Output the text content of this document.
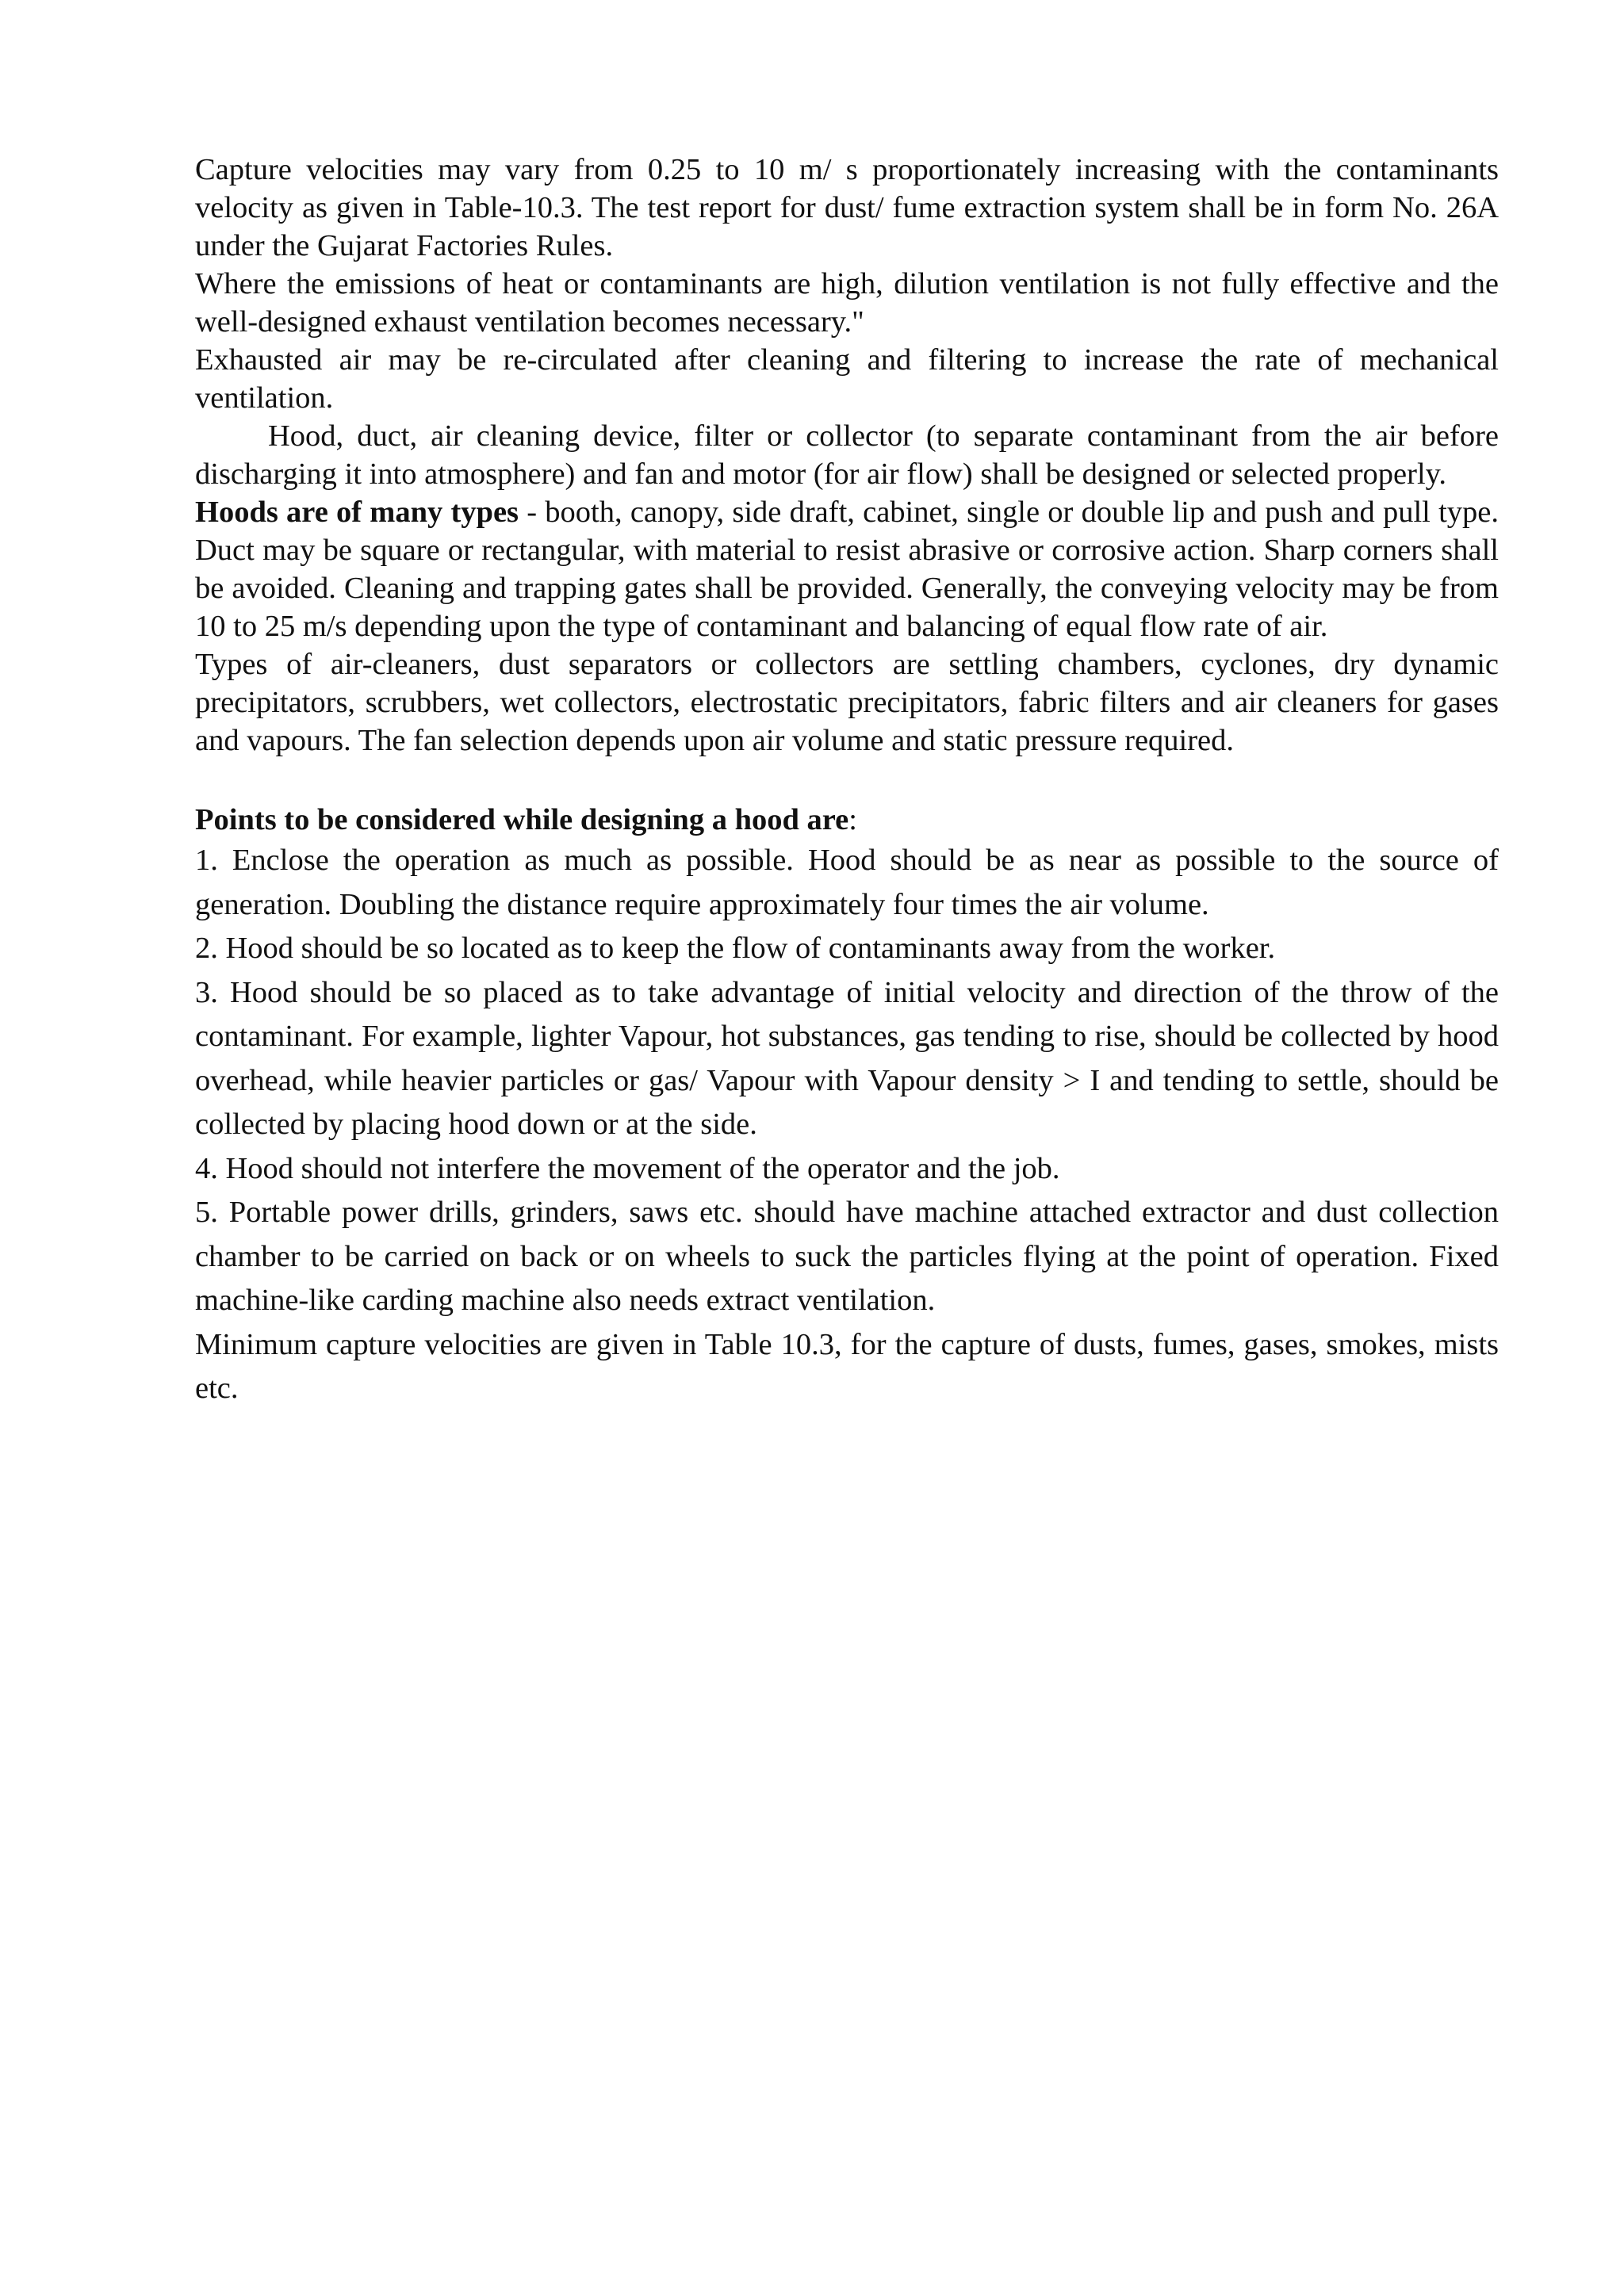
Capture velocities may vary from 0.25 to 10 m/ s proportionately increasing with the contaminants velocity as given in Table-10.3. The test report for dust/ fume extraction system shall be in form No. 26A under the Gujarat Factories Rules.

Where the emissions of heat or contaminants are high, dilution ventilation is not fully effective and the well-designed exhaust ventilation becomes necessary."

Exhausted air may be re-circulated after cleaning and filtering to increase the rate of mechanical ventilation.

Hood, duct, air cleaning device, filter or collector (to separate contaminant from the air before discharging it into atmosphere) and fan and motor (for air flow) shall be designed or selected properly.

Hoods are of many types - booth, canopy, side draft, cabinet, single or double lip and push and pull type. Duct may be square or rectangular, with material to resist abrasive or corrosive action. Sharp corners shall be avoided. Cleaning and trapping gates shall be provided. Generally, the conveying velocity may be from 10 to 25 m/s depending upon the type of contaminant and balancing of equal flow rate of air.

Types of air-cleaners, dust separators or collectors are settling chambers, cyclones, dry dynamic precipitators, scrubbers, wet collectors, electrostatic precipitators, fabric filters and air cleaners for gases and vapours. The fan selection depends upon air volume and static pressure required.

Points to be considered while designing a hood are:

1. Enclose the operation as much as possible. Hood should be as near as possible to the source of generation. Doubling the distance require approximately four times the air volume.

2. Hood should be so located as to keep the flow of contaminants away from the worker.

3. Hood should be so placed as to take advantage of initial velocity and direction of the throw of the contaminant. For example, lighter Vapour, hot substances, gas tending to rise, should be collected by hood overhead, while heavier particles or gas/ Vapour with Vapour density > I and tending to settle, should be collected by placing hood down or at the side.

4. Hood should not interfere the movement of the operator and the job.

5. Portable power drills, grinders, saws etc. should have machine attached extractor and dust collection chamber to be carried on back or on wheels to suck the particles flying at the point of operation. Fixed machine-like carding machine also needs extract ventilation.

Minimum capture velocities are given in Table 10.3, for the capture of dusts, fumes, gases, smokes, mists etc.
